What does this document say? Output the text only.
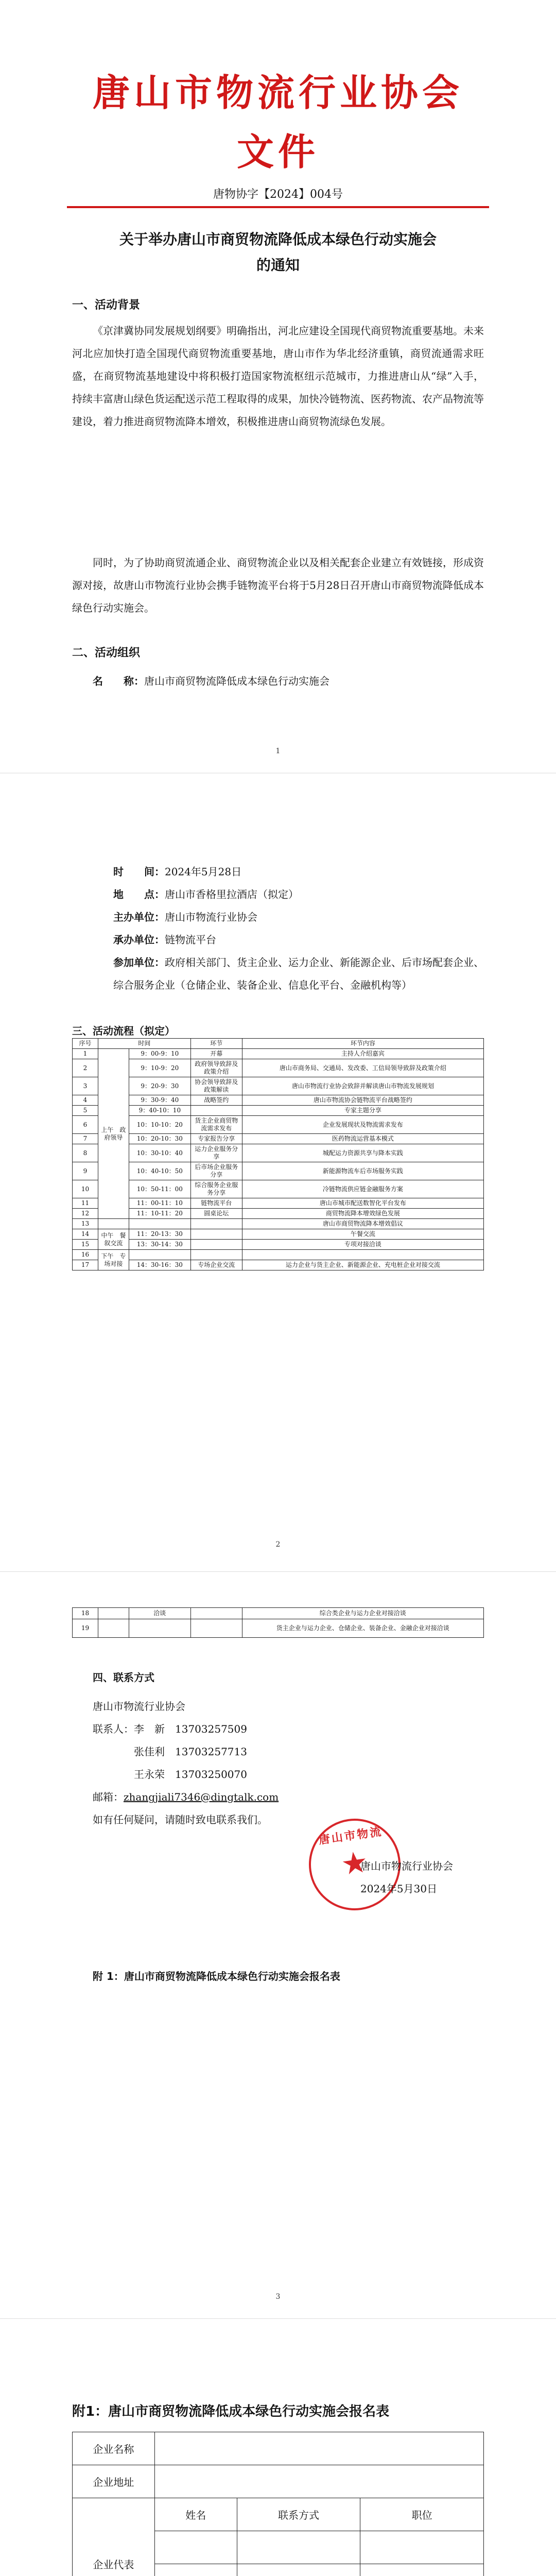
唐山市物流行业协会
文件
唐物协字【2024】004号
关于举办唐山市商贸物流降低成本绿色行动实施会
的通知
一、活动背景
《京津冀协同发展规划纲要》明确指出，河北应建设全国现代商贸物流重要基地。未来河北应加快打造全国现代商贸物流重要基地，唐山市作为华北经济重镇，商贸流通需求旺盛，在商贸物流基地建设中将积极打造国家物流枢纽示范城市，力推进唐山从“绿”入手，持续丰富唐山绿色货运配送示范工程取得的成果，加快冷链物流、医药物流、农产品物流等建设，着力推进商贸物流降本增效，积极推进唐山商贸物流绿色发展。
同时，为了协助商贸流通企业、商贸物流企业以及相关配套企业建立有效链接，形成资源对接，故唐山市物流行业协会携手链物流平台将于5月28日召开唐山市商贸物流降低成本绿色行动实施会。
二、活动组织
名　　称：唐山市商贸物流降低成本绿色行动实施会
1
时　　间：2024年5月28日
地　　点：唐山市香格里拉酒店（拟定）
主办单位：唐山市物流行业协会
承办单位：链物流平台
参加单位：政府相关部门、货主企业、运力企业、新能源企业、后市场配套企业、综合服务企业（仓储企业、装备企业、信息化平台、金融机构等）
三、活动流程（拟定）
序号	时间		环节	环节内容
1	上午　政府领导	9：00-9：10	开幕	主持人介绍嘉宾
2		9：10-9：20	政府领导致辞及政策介绍	唐山市商务局、交通局、发改委、工信局领导致辞及政策介绍
3		9：20-9：30	协会领导致辞及政策解读	唐山市物流行业协会致辞并解读唐山市物流发展规划
4		9：30-9：40	战略签约	唐山市物流协会链物流平台战略签约
5		9：40-10：10		专家主题分享
6		10：10-10：20	货主企业商贸物流需求发布	企业发展现状及物流需求发布
7		10：20-10：30	专家报告分享	医药物流运营基本模式
8		10：30-10：40	运力企业服务分享	城配运力资源共享与降本实践
9		10：40-10：50	后市场企业服务分享	新能源物流车后市场服务实践
10		10：50-11：00	综合服务企业服务分享	冷链物流供应链金融服务方案
11		11：00-11：10	链物流平台	唐山市城市配送数智化平台发布
12		11：10-11：20	圆桌论坛	商贸物流降本增效绿色发展
13				唐山市商贸物流降本增效倡议
14	中午　餐叙交流	11：20-13：30		午餐交流
15		13：30-14：30		专项对接洽谈
16	下午　专场对接			
17		14：30-16：30	专场企业交流	运力企业与货主企业、新能源企业、充电桩企业对接交流
2
18		洽谈		综合类企业与运力企业对接洽谈
19				货主企业与运力企业、仓储企业、装备企业、金融企业对接洽谈
四、联系方式
唐山市物流行业协会
联系人：李　新　13703257509
　　　　张佳利　13703257713
　　　　王永荣　13703250070
邮箱：zhangjiali7346@dingtalk.com
如有任何疑问，请随时致电联系我们。
唐山市物流
★
唐山市物流行业协会
2024年5月30日
附 1：唐山市商贸物流降低成本绿色行动实施会报名表
3
附1：唐山市商贸物流降低成本绿色行动实施会报名表
企业名称			
企业地址			
企业代表	姓名	联系方式	职位
